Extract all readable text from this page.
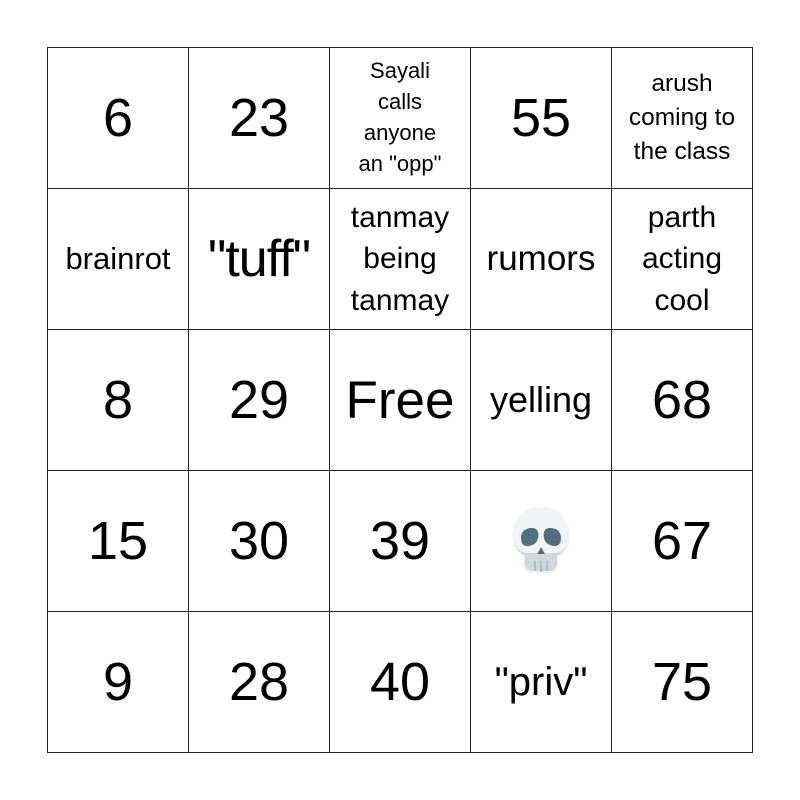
6 23
Sayali
calls
anyone
an "opp"
55
arush
coming to
the class
brainrot "tuff"
tanmay
being
tanmay
rumors
parth
acting
cool
8 29 Free yelling 68
15 30 39	67
9 28 40 "priv" 75
